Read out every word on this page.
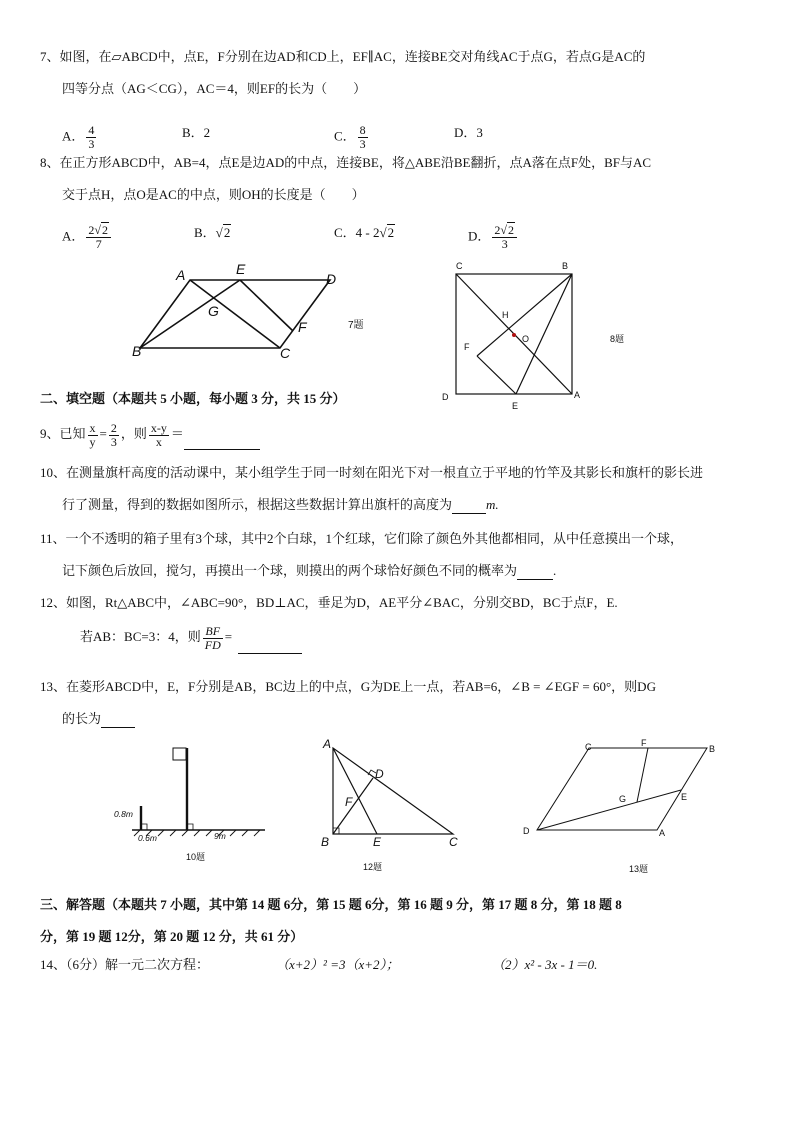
7、如图，在▱ABCD中，点E，F分别在边AD和CD上，EF∥AC，连接BE交对角线AC于点G，若点G是AC的
四等分点（AG＜CG），AC＝4，则EF的长为（　　）
A． $\frac{4}{3}$	B．2	C． $\frac{8}{3}$	D．3
8、在正方形ABCD中，AB=4，点E是边AD的中点，连接BE，将△ABE沿BE翻折，点A落在点F处，BF与AC
交于点H，点O是AC的中点，则OH的长度是（　　）
A． $\frac{2√2}{7}$	B．√2	C．4 - 2√2	D． $\frac{2√2}{3}$
A	E
D
G
F
B	C
7题
C	B
H
O
F
D
E
A
8题
二、填空题（本题共 5 小题，每小题 3 分，共 15 分）
9、已知 $\frac{x}{y} = \frac{2}{3}$ ，则 $\frac{x-y}{x}$ ＝
10、在测量旗杆高度的活动课中，某小组学生于同一时刻在阳光下对一根直立于平地的竹竿及其影长和旗杆的影长进
行了测量，得到的数据如图所示，根据这些数据计算出旗杆的高度为	m.
11、一个不透明的箱子里有3个球，其中2个白球，1个红球，它们除了颜色外其他都相同，从中任意摸出一个球，
记下颜色后放回，搅匀，再摸出一个球，则摸出的两个球恰好颜色不同的概率为	.
12、如图，Rt△ABC中，∠ABC=90°，BD⊥AC，垂足为D，AE平分∠BAC，分别交BD，BC于点F，E.
若AB：BC=3：4，则 $\frac{BF}{FD}$ =
13、在菱形ABCD中，E，F分别是AB，BC边上的中点，G为DE上一点，若AB=6，∠B = ∠EGF = 60°，则DG
的长为
0.8m
0.6m	9m
10题
A
D
F
B	E	C
12题
C	F
B
G	E
D	A
13题
三、解答题（本题共 7 小题，其中第 14 题 6分，第 15 题 6分，第 16 题 9 分，第 17 题 8 分，第 18 题 8
分，第 19 题 12分，第 20 题 12 分，共 61 分）
14、（6分）解一元二次方程：	（x+2）² =3（x+2）；	（2）x² - 3x - 1＝0.
